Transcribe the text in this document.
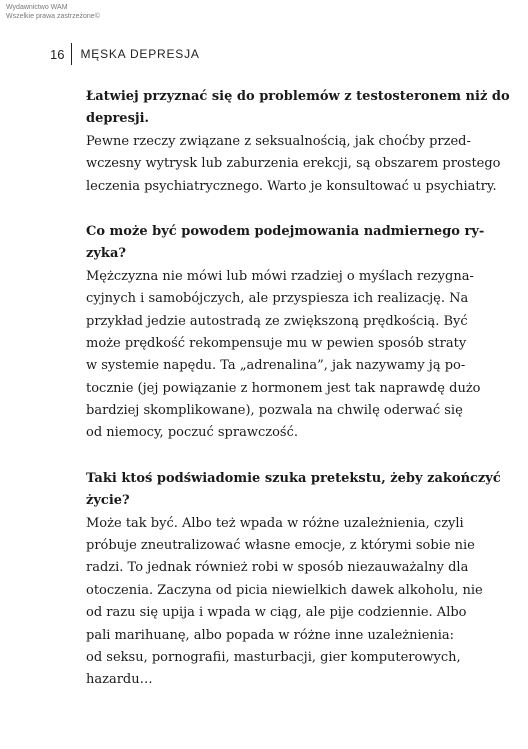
Wydawnictwo WAM
Wszelkie prawa zastrzeżone©
16 MĘSKA DEPRESJA
Łatwiej przyznać się do problemów z testosteronem niż do
depresji.
Pewne rzeczy związane z seksualnością, jak choćby przed-
wczesny wytrysk lub zaburzenia erekcji, są obszarem prostego
leczenia psychiatrycznego. Warto je konsultować u psychiatry.
Co może być powodem podejmowania nadmiernego ry-
zyka?
Mężczyzna nie mówi lub mówi rzadziej o myślach rezygna-
cyjnych i samobójczych, ale przyspiesza ich realizację. Na
przykład jedzie autostradą ze zwiększoną prędkością. Być
może prędkość rekompensuje mu w pewien sposób straty
w systemie napędu. Ta „adrenalina”, jak nazywamy ją po-
tocznie (jej powiązanie z hormonem jest tak naprawdę dużo
bardziej skomplikowane), pozwala na chwilę oderwać się
od niemocy, poczuć sprawczość.
Taki ktoś podświadomie szuka pretekstu, żeby zakończyć
życie?
Może tak być. Albo też wpada w różne uzależnienia, czyli
próbuje zneutralizować własne emocje, z którymi sobie nie
radzi. To jednak również robi w sposób niezauważalny dla
otoczenia. Zaczyna od picia niewielkich dawek alkoholu, nie
od razu się upija i wpada w ciąg, ale pije codziennie. Albo
pali marihuanę, albo popada w różne inne uzależnienia:
od seksu, pornografii, masturbacji, gier komputerowych,
hazardu…
